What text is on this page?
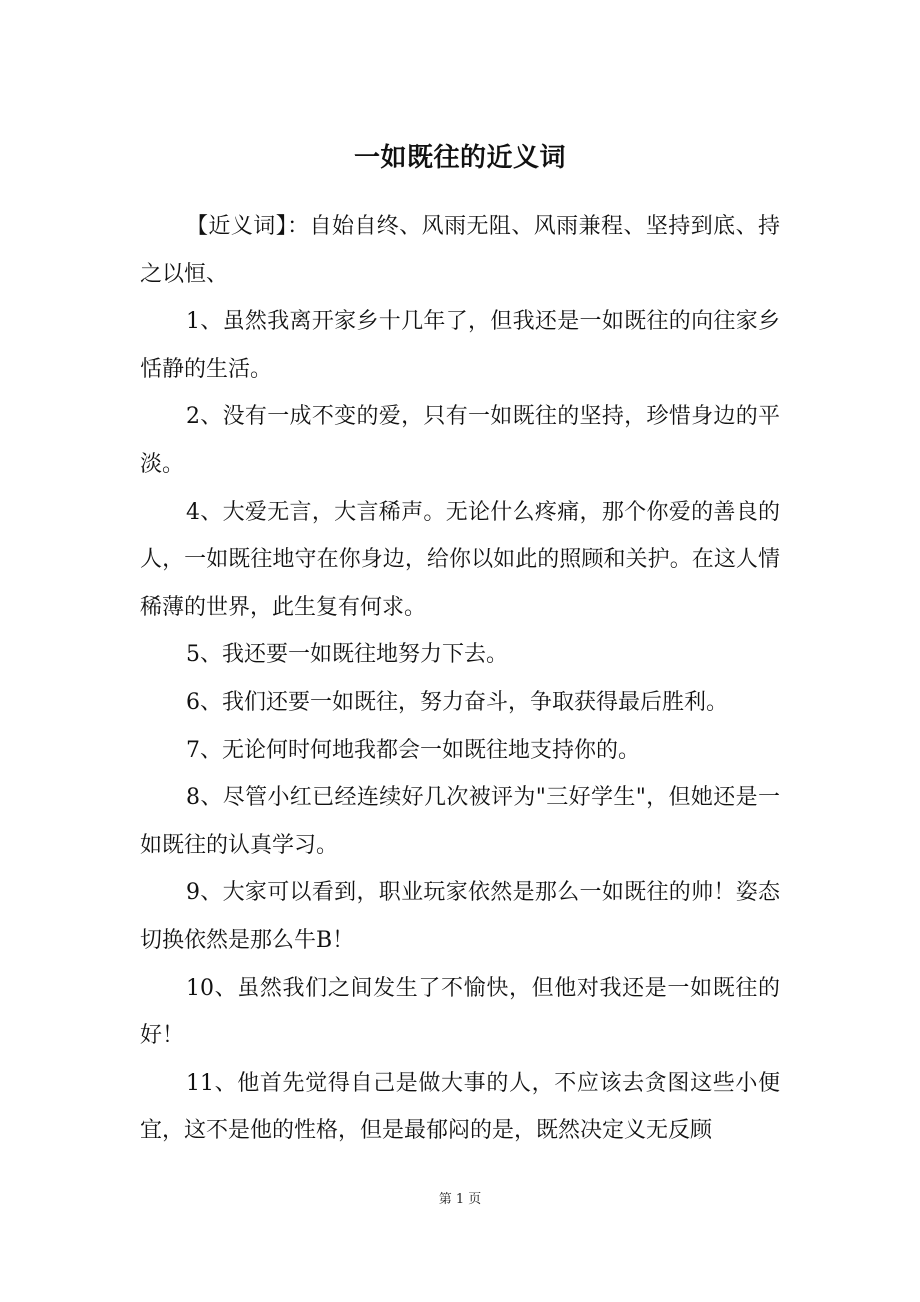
一如既往的近义词

【近义词】：自始自终、风雨无阻、风雨兼程、坚持到底、持之以恒、

1、虽然我离开家乡十几年了，但我还是一如既往的向往家乡恬静的生活。

2、没有一成不变的爱，只有一如既往的坚持，珍惜身边的平淡。

4、大爱无言，大言稀声。无论什么疼痛，那个你爱的善良的人，一如既往地守在你身边，给你以如此的照顾和关护。在这人情稀薄的世界，此生复有何求。

5、我还要一如既往地努力下去。

6、我们还要一如既往，努力奋斗，争取获得最后胜利。

7、无论何时何地我都会一如既往地支持你的。

8、尽管小红已经连续好几次被评为"三好学生"，但她还是一如既往的认真学习。

9、大家可以看到，职业玩家依然是那么一如既往的帅！姿态切换依然是那么牛B！

10、虽然我们之间发生了不愉快，但他对我还是一如既往的好！

11、他首先觉得自己是做大事的人，不应该去贪图这些小便宜，这不是他的性格，但是最郁闷的是，既然决定义无反顾

第 1 页
